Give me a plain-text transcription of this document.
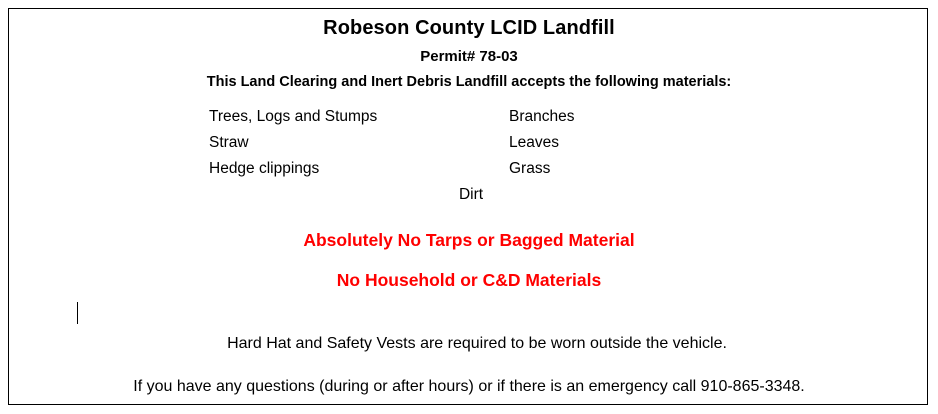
Robeson County LCID Landfill
Permit# 78-03
This Land Clearing and Inert Debris Landfill accepts the following materials:
Trees, Logs and Stumps	Branches
Straw	Leaves
Hedge clippings	Grass
Dirt
Absolutely No Tarps or Bagged Material
No Household or C&D Materials
Hard Hat and Safety Vests are required to be worn outside the vehicle.
If you have any questions (during or after hours) or if there is an emergency call 910-865-3348.
